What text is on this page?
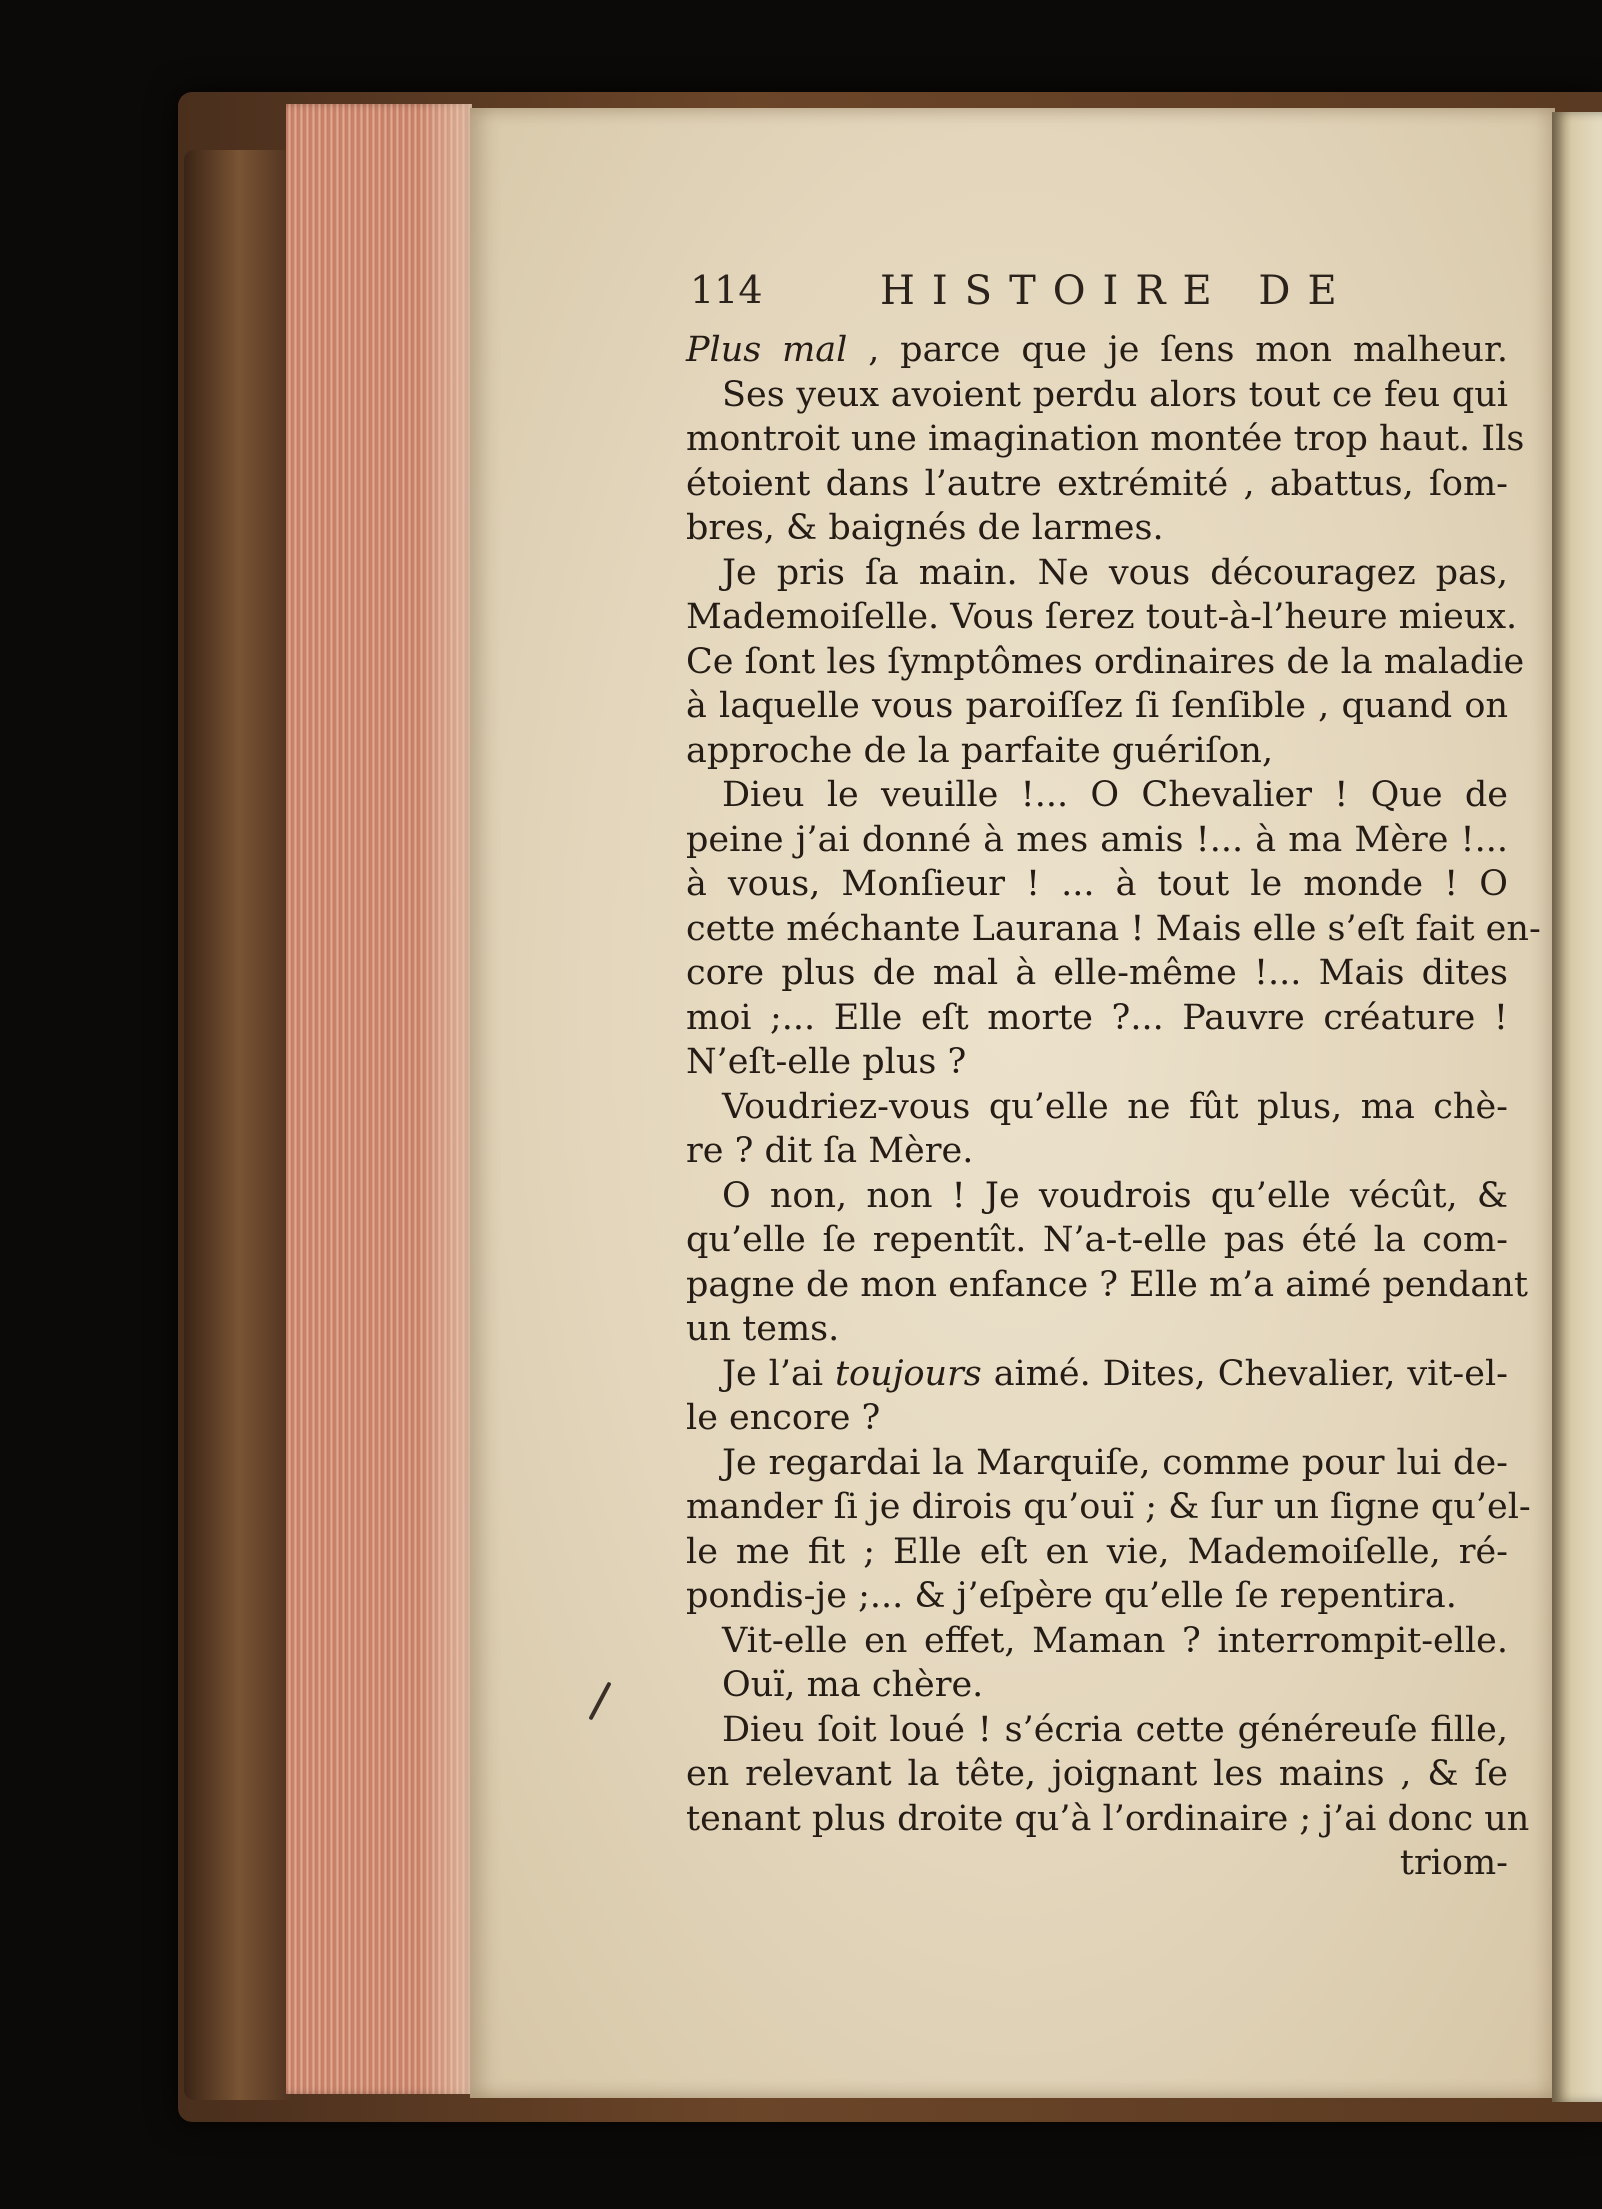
114	HISTOIRE DE
Plus mal , parce que je ſens mon malheur.
Ses yeux avoient perdu alors tout ce feu qui
montroit une imagination montée trop haut. Ils
étoient dans l’autre extrémité , abattus, ſom-
bres, & baignés de larmes.
Je pris ſa main. Ne vous découragez pas,
Mademoiſelle. Vous ſerez tout-à-l’heure mieux.
Ce ſont les ſymptômes ordinaires de la maladie
à laquelle vous paroiſſez ſi ſenſible , quand on
approche de la parfaite guériſon,
Dieu le veuille !... O Chevalier ! Que de
peine j’ai donné à mes amis !... à ma Mère !...
à vous, Monſieur ! ... à tout le monde ! O
cette méchante Laurana ! Mais elle s’eſt fait en-
core plus de mal à elle-même !... Mais dites
moi ;... Elle eſt morte ?... Pauvre créature !
N’eſt-elle plus ?
Voudriez-vous qu’elle ne fût plus, ma chè-
re ? dit ſa Mère.
O non, non ! Je voudrois qu’elle vécût, &
qu’elle ſe repentît. N’a-t-elle pas été la com-
pagne de mon enfance ? Elle m’a aimé pendant
un tems.
Je l’ai toujours aimé. Dites, Chevalier, vit-el-
le encore ?
Je regardai la Marquiſe, comme pour lui de-
mander ſi je dirois qu’ouï ; & ſur un ſigne qu’el-
le me fit ; Elle eſt en vie, Mademoiſelle, ré-
pondis-je ;... & j’eſpère qu’elle ſe repentira.
Vit-elle en effet, Maman ? interrompit-elle.
Ouï, ma chère.
Dieu ſoit loué ! s’écria cette généreuſe fille,
en relevant la tête, joignant les mains , & ſe
tenant plus droite qu’à l’ordinaire ; j’ai donc un
triom-
